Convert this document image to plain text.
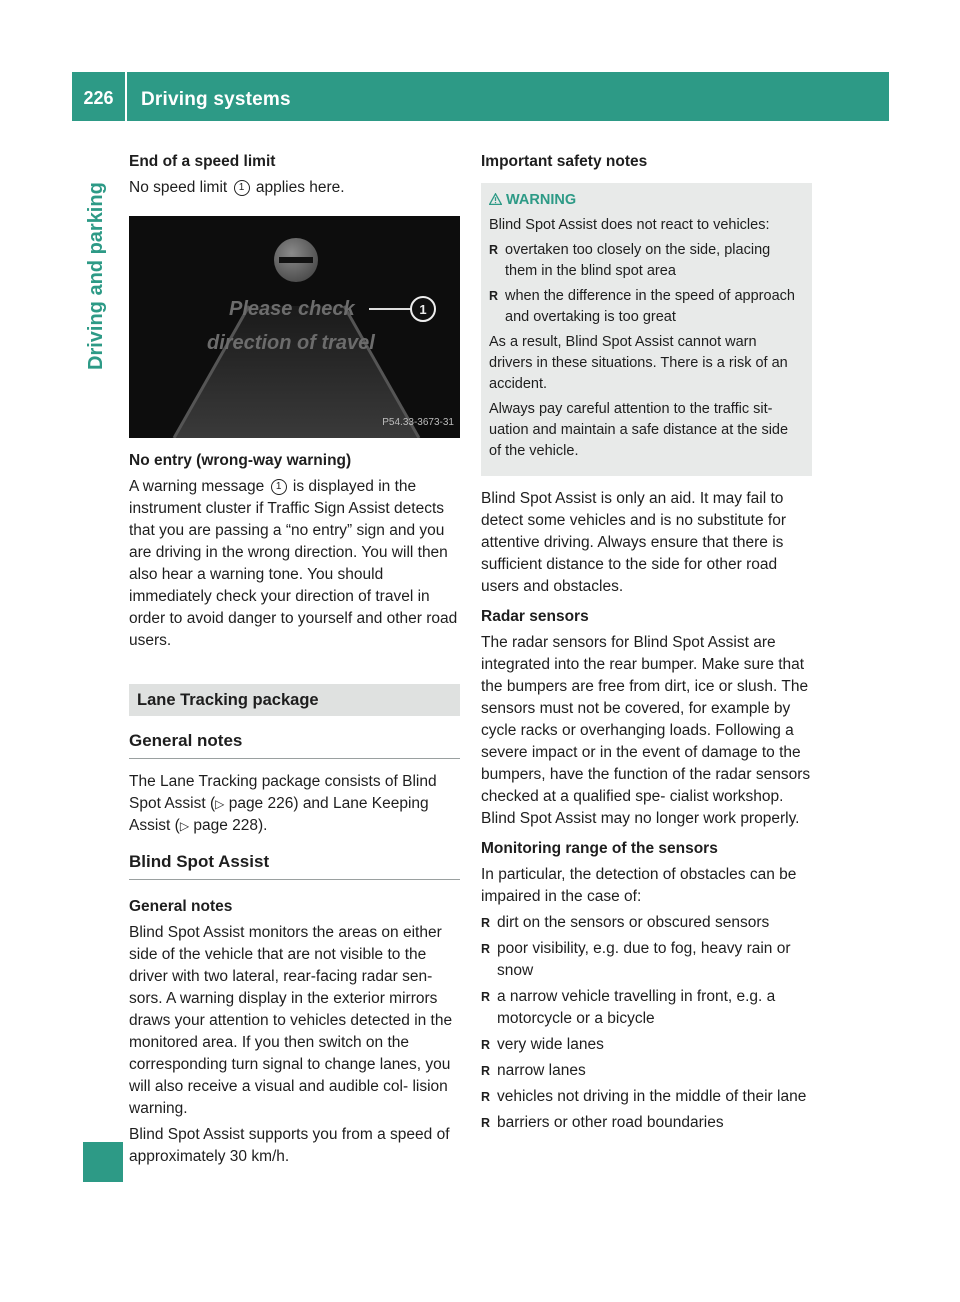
226	Driving systems
Driving and parking
End of a speed limit

No speed limit 1 applies here.

1
Please check
direction of travel
P54.33-3673-31
No entry (wrong-way warning)

A warning message 1 is displayed in the instrument cluster if Traffic Sign Assist detects that you are passing a “no entry” sign and you are driving in the wrong direction. You will then also hear a warning tone. You should immediately check your direction of travel in order to avoid danger to yourself and other road users.

Lane Tracking package
General notes

The Lane Tracking package consists of Blind Spot Assist (▷ page 226) and Lane Keeping Assist (▷ page 228).

Blind Spot Assist
General notes

Blind Spot Assist monitors the areas on either side of the vehicle that are not visible to the driver with two lateral, rear-facing radar sen- sors. A warning display in the exterior mirrors draws your attention to vehicles detected in the monitored area. If you then switch on the corresponding turn signal to change lanes, you will also receive a visual and audible col- lision warning.

Blind Spot Assist supports you from a speed of approximately 30 km/h.

Important safety notes
WARNING

Blind Spot Assist does not react to vehicles:

R overtaken too closely on the side, placing them in the blind spot area
R when the difference in the speed of approach and overtaking is too great

As a result, Blind Spot Assist cannot warn drivers in these situations. There is a risk of an accident.

Always pay careful attention to the traffic sit- uation and maintain a safe distance at the side of the vehicle.

Blind Spot Assist is only an aid. It may fail to detect some vehicles and is no substitute for attentive driving. Always ensure that there is sufficient distance to the side for other road users and obstacles.

Radar sensors

The radar sensors for Blind Spot Assist are integrated into the rear bumper. Make sure that the bumpers are free from dirt, ice or slush. The sensors must not be covered, for example by cycle racks or overhanging loads. Following a severe impact or in the event of damage to the bumpers, have the function of the radar sensors checked at a qualified spe- cialist workshop. Blind Spot Assist may no longer work properly.

Monitoring range of the sensors

In particular, the detection of obstacles can be impaired in the case of:

R dirt on the sensors or obscured sensors
R poor visibility, e.g. due to fog, heavy rain or snow
R a narrow vehicle travelling in front, e.g. a motorcycle or a bicycle
R very wide lanes
R narrow lanes
R vehicles not driving in the middle of their lane
R barriers or other road boundaries
